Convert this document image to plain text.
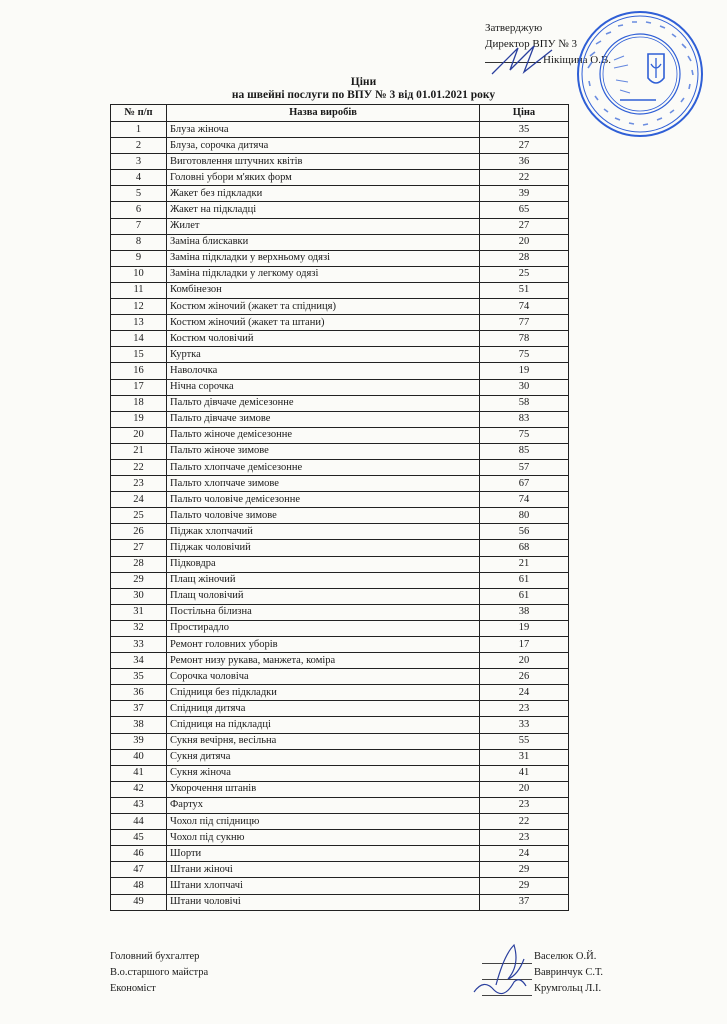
Затверджую
Директор ВПУ № 3
Нікіщина О.В.
Ціни
на швейні послуги по ВПУ № 3 від 01.01.2021 року
№ п/п	Назва виробів	Ціна
1	Блуза жіноча	35
2	Блуза, сорочка дитяча	27
3	Виготовлення штучних квітів	36
4	Головні убори м'яких форм	22
5	Жакет без підкладки	39
6	Жакет на підкладці	65
7	Жилет	27
8	Заміна блискавки	20
9	Заміна підкладки у верхньому одязі	28
10	Заміна підкладки у легкому одязі	25
11	Комбінезон	51
12	Костюм жіночий (жакет та спідниця)	74
13	Костюм жіночий (жакет та штани)	77
14	Костюм чоловічий	78
15	Куртка	75
16	Наволочка	19
17	Нічна сорочка	30
18	Пальто дівчаче демісезонне	58
19	Пальто дівчаче зимове	83
20	Пальто жіноче демісезонне	75
21	Пальто жіноче зимове	85
22	Пальто хлопчаче демісезонне	57
23	Пальто хлопчаче зимове	67
24	Пальто чоловіче демісезонне	74
25	Пальто чоловіче зимове	80
26	Піджак хлопчачий	56
27	Піджак чоловічий	68
28	Підковдра	21
29	Плащ жіночий	61
30	Плащ чоловічий	61
31	Постільна білизна	38
32	Простирадло	19
33	Ремонт головних уборів	17
34	Ремонт низу рукава, манжета, коміра	20
35	Сорочка чоловіча	26
36	Спідниця без підкладки	24
37	Спідниця дитяча	23
38	Спідниця на підкладці	33
39	Сукня вечірня, весільна	55
40	Сукня дитяча	31
41	Сукня жіноча	41
42	Укорочення штанів	20
43	Фартух	23
44	Чохол під спідницю	22
45	Чохол під сукню	23
46	Шорти	24
47	Штани жіночі	29
48	Штани хлопчачі	29
49	Штани чоловічі	37
Головний бухгалтер	Васелюк О.Й.
В.о.старшого майстра	Вавринчук С.Т.
Економіст	Крумгольц Л.І.
